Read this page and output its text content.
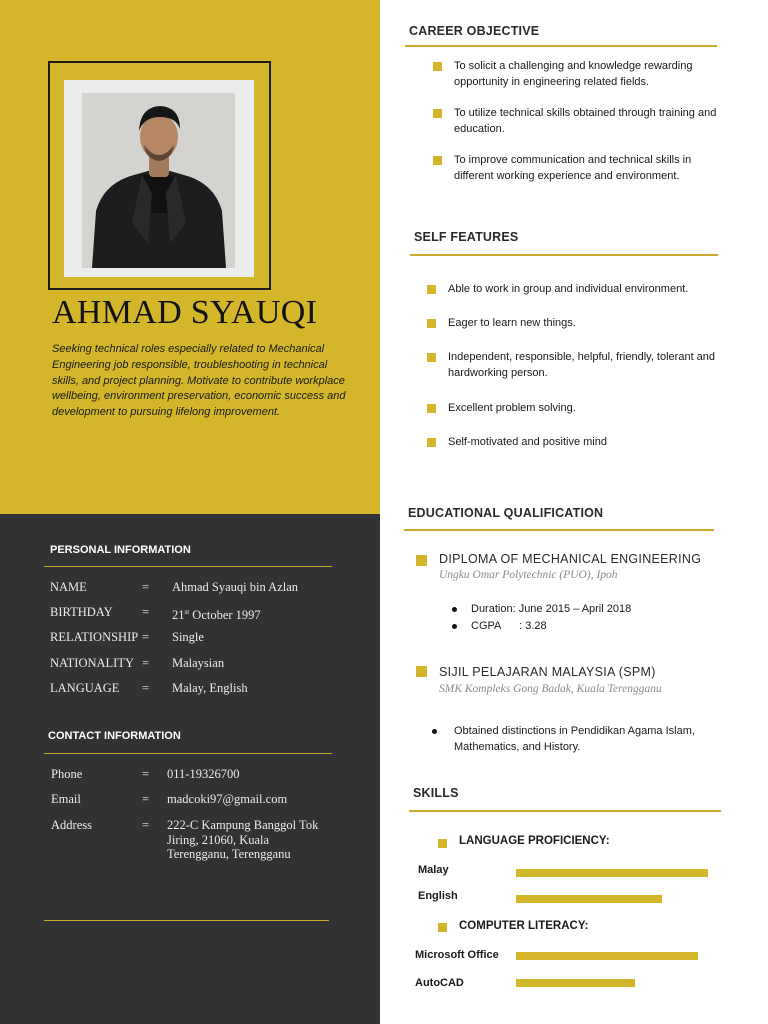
AHMAD SYAUQI
Seeking technical roles especially related to Mechanical Engineering job responsible, troubleshooting in technical skills, and project planning. Motivate to contribute workplace wellbeing, environment preservation, economic success and development to pursuing lifelong improvement.
PERSONAL INFORMATION
NAME	= Ahmad Syauqi bin Azlan
BIRTHDAY = 21st October 1997
RELATIONSHIP = Single
NATIONALITY = Malaysian
LANGUAGE = Malay, English
CONTACT INFORMATION
Phone	= 011-19326700
Email	= madcoki97@gmail.com
Address	= 222-C Kampung Banggol Tok Jiring, 21060, Kuala Terengganu, Terengganu
CAREER OBJECTIVE
To solicit a challenging and knowledge rewarding opportunity in engineering related fields.
To utilize technical skills obtained through training and education.
To improve communication and technical skills in different working experience and environment.
SELF FEATURES
Able to work in group and individual environment.
Eager to learn new things.
Independent, responsible, helpful, friendly, tolerant and hardworking person.
Excellent problem solving.
Self-motivated and positive mind
EDUCATIONAL QUALIFICATION
DIPLOMA OF MECHANICAL ENGINEERING
Ungku Omar Polytechnic (PUO), Ipoh
Duration: June 2015 – April 2018
CGPA      : 3.28
SIJIL PELAJARAN MALAYSIA (SPM)
SMK Kompleks Gong Badak, Kuala Terengganu
Obtained distinctions in Pendidikan Agama Islam, Mathematics, and History.
SKILLS
LANGUAGE PROFICIENCY:
Malay
English
COMPUTER LITERACY:
Microsoft Office
AutoCAD
